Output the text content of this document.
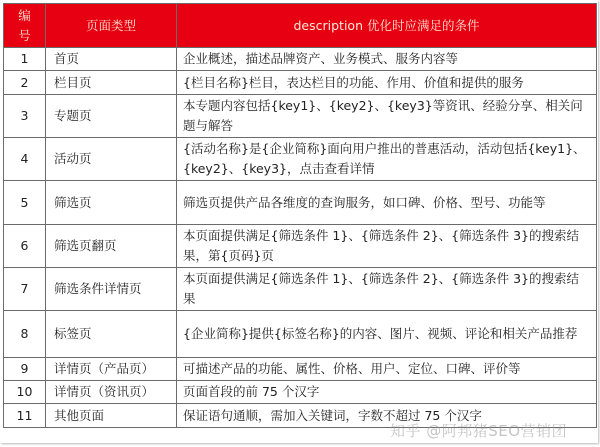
编
号	页面类型	description 优化时应满足的条件
1	首页	企业概述，描述品牌资产、业务模式、服务内容等
2	栏目页	{栏目名称}栏目，表达栏目的功能、作用、价值和提供的服务
3	专题页	本专题内容包括{key1}、{key2}、{key3}等资讯、经验分享、相关问题与解答
4	活动页	{活动名称}是{企业简称}面向用户推出的普惠活动，活动包括{key1}、{key2}、{key3}，点击查看详情
5	筛选页	筛选页提供产品各维度的查询服务，如口碑、价格、型号、功能等
6	筛选页翻页	本页面提供满足{筛选条件 1}、{筛选条件 2}、{筛选条件 3}的搜索结果，第{页码}页
7	筛选条件详情页	本页面提供满足{筛选条件 1}、{筛选条件 2}、{筛选条件 3}的搜索结果
8	标签页	{企业简称}提供{标签名称}的内容、图片、视频、评论和相关产品推荐
9	详情页（产品页）	可描述产品的功能、属性、价格、用户、定位、口碑、评价等
10	详情页（资讯页）	页面首段的前 75 个汉字
11	其他页面	保证语句通顺，需加入关键词，字数不超过 75 个汉字
知乎 @阿邦猪SEO营销团
